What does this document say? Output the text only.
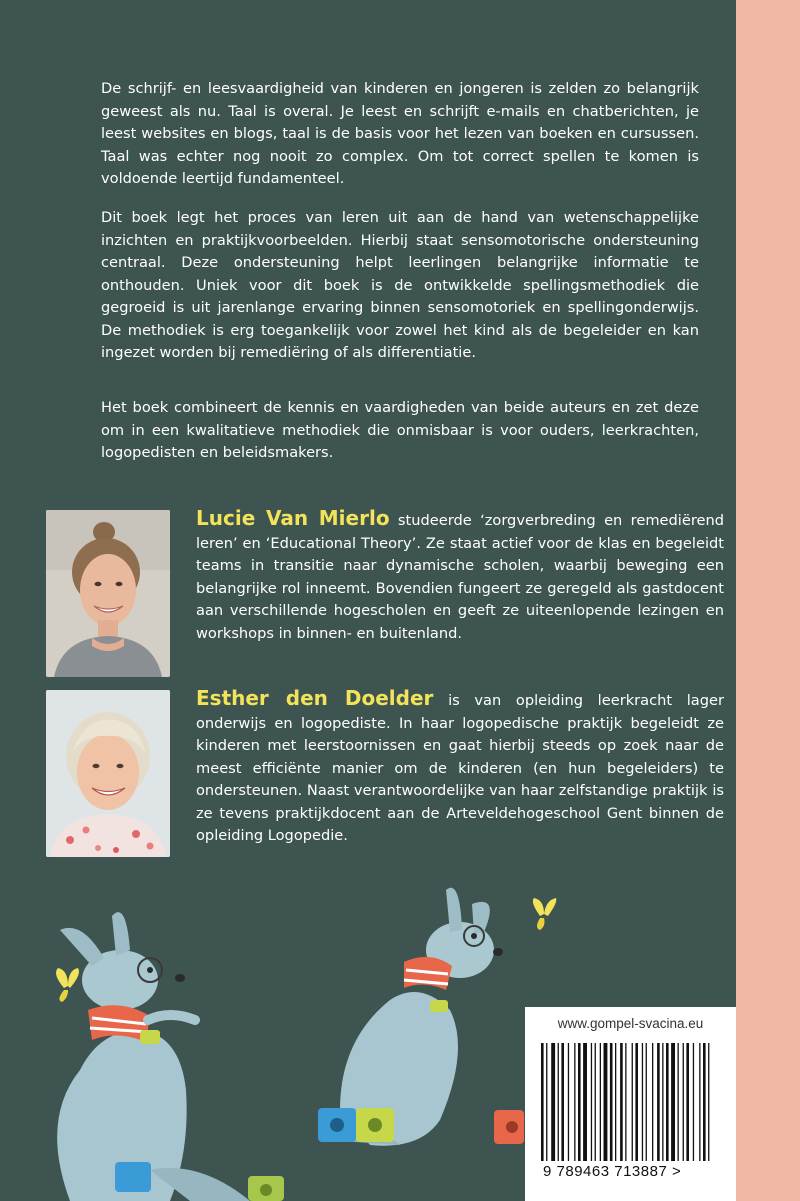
De schrijf- en leesvaardigheid van kinderen en jongeren is zelden zo belangrijk geweest als nu. Taal is overal. Je leest en schrijft e-mails en chatberichten, je leest websites en blogs, taal is de basis voor het lezen van boeken en cursussen. Taal was echter nog nooit zo complex. Om tot correct spellen te komen is voldoende leertijd fundamenteel.

Dit boek legt het proces van leren uit aan de hand van wetenschappelijke inzichten en praktijkvoorbeelden. Hierbij staat sensomotorische ondersteuning centraal. Deze ondersteuning helpt leerlingen belangrijke informatie te onthouden. Uniek voor dit boek is de ontwikkelde spellingsmethodiek die gegroeid is uit jarenlange ervaring binnen sensomotoriek en spellingonderwijs. De methodiek is erg toegankelijk voor zowel het kind als de begeleider en kan ingezet worden bij remediëring of als differentiatie.

Het boek combineert de kennis en vaardigheden van beide auteurs en zet deze om in een kwalitatieve methodiek die onmisbaar is voor ouders, leerkrachten, logopedisten en beleidsmakers.

Lucie Van Mierlo studeerde ‘zorgverbreding en remediërend leren’ en ‘Educational Theory’. Ze staat actief voor de klas en begeleidt teams in transitie naar dynamische scholen, waarbij beweging een belangrijke rol inneemt. Bovendien fungeert ze geregeld als gastdocent aan verschillende hogescholen en geeft ze uiteenlopende lezingen en workshops in binnen- en buitenland.

Esther den Doelder is van opleiding leerkracht lager onderwijs en logopediste. In haar logopedische praktijk begeleidt ze kinderen met leerstoornissen en gaat hierbij steeds op zoek naar de meest efficiënte manier om de kinderen (en hun begeleiders) te ondersteunen. Naast verantwoordelijke van haar zelfstandige praktijk is ze tevens praktijkdocent aan de Arteveldehogeschool Gent binnen de opleiding Logopedie.

www.gompel-svacina.eu
9 789463 713887 >
